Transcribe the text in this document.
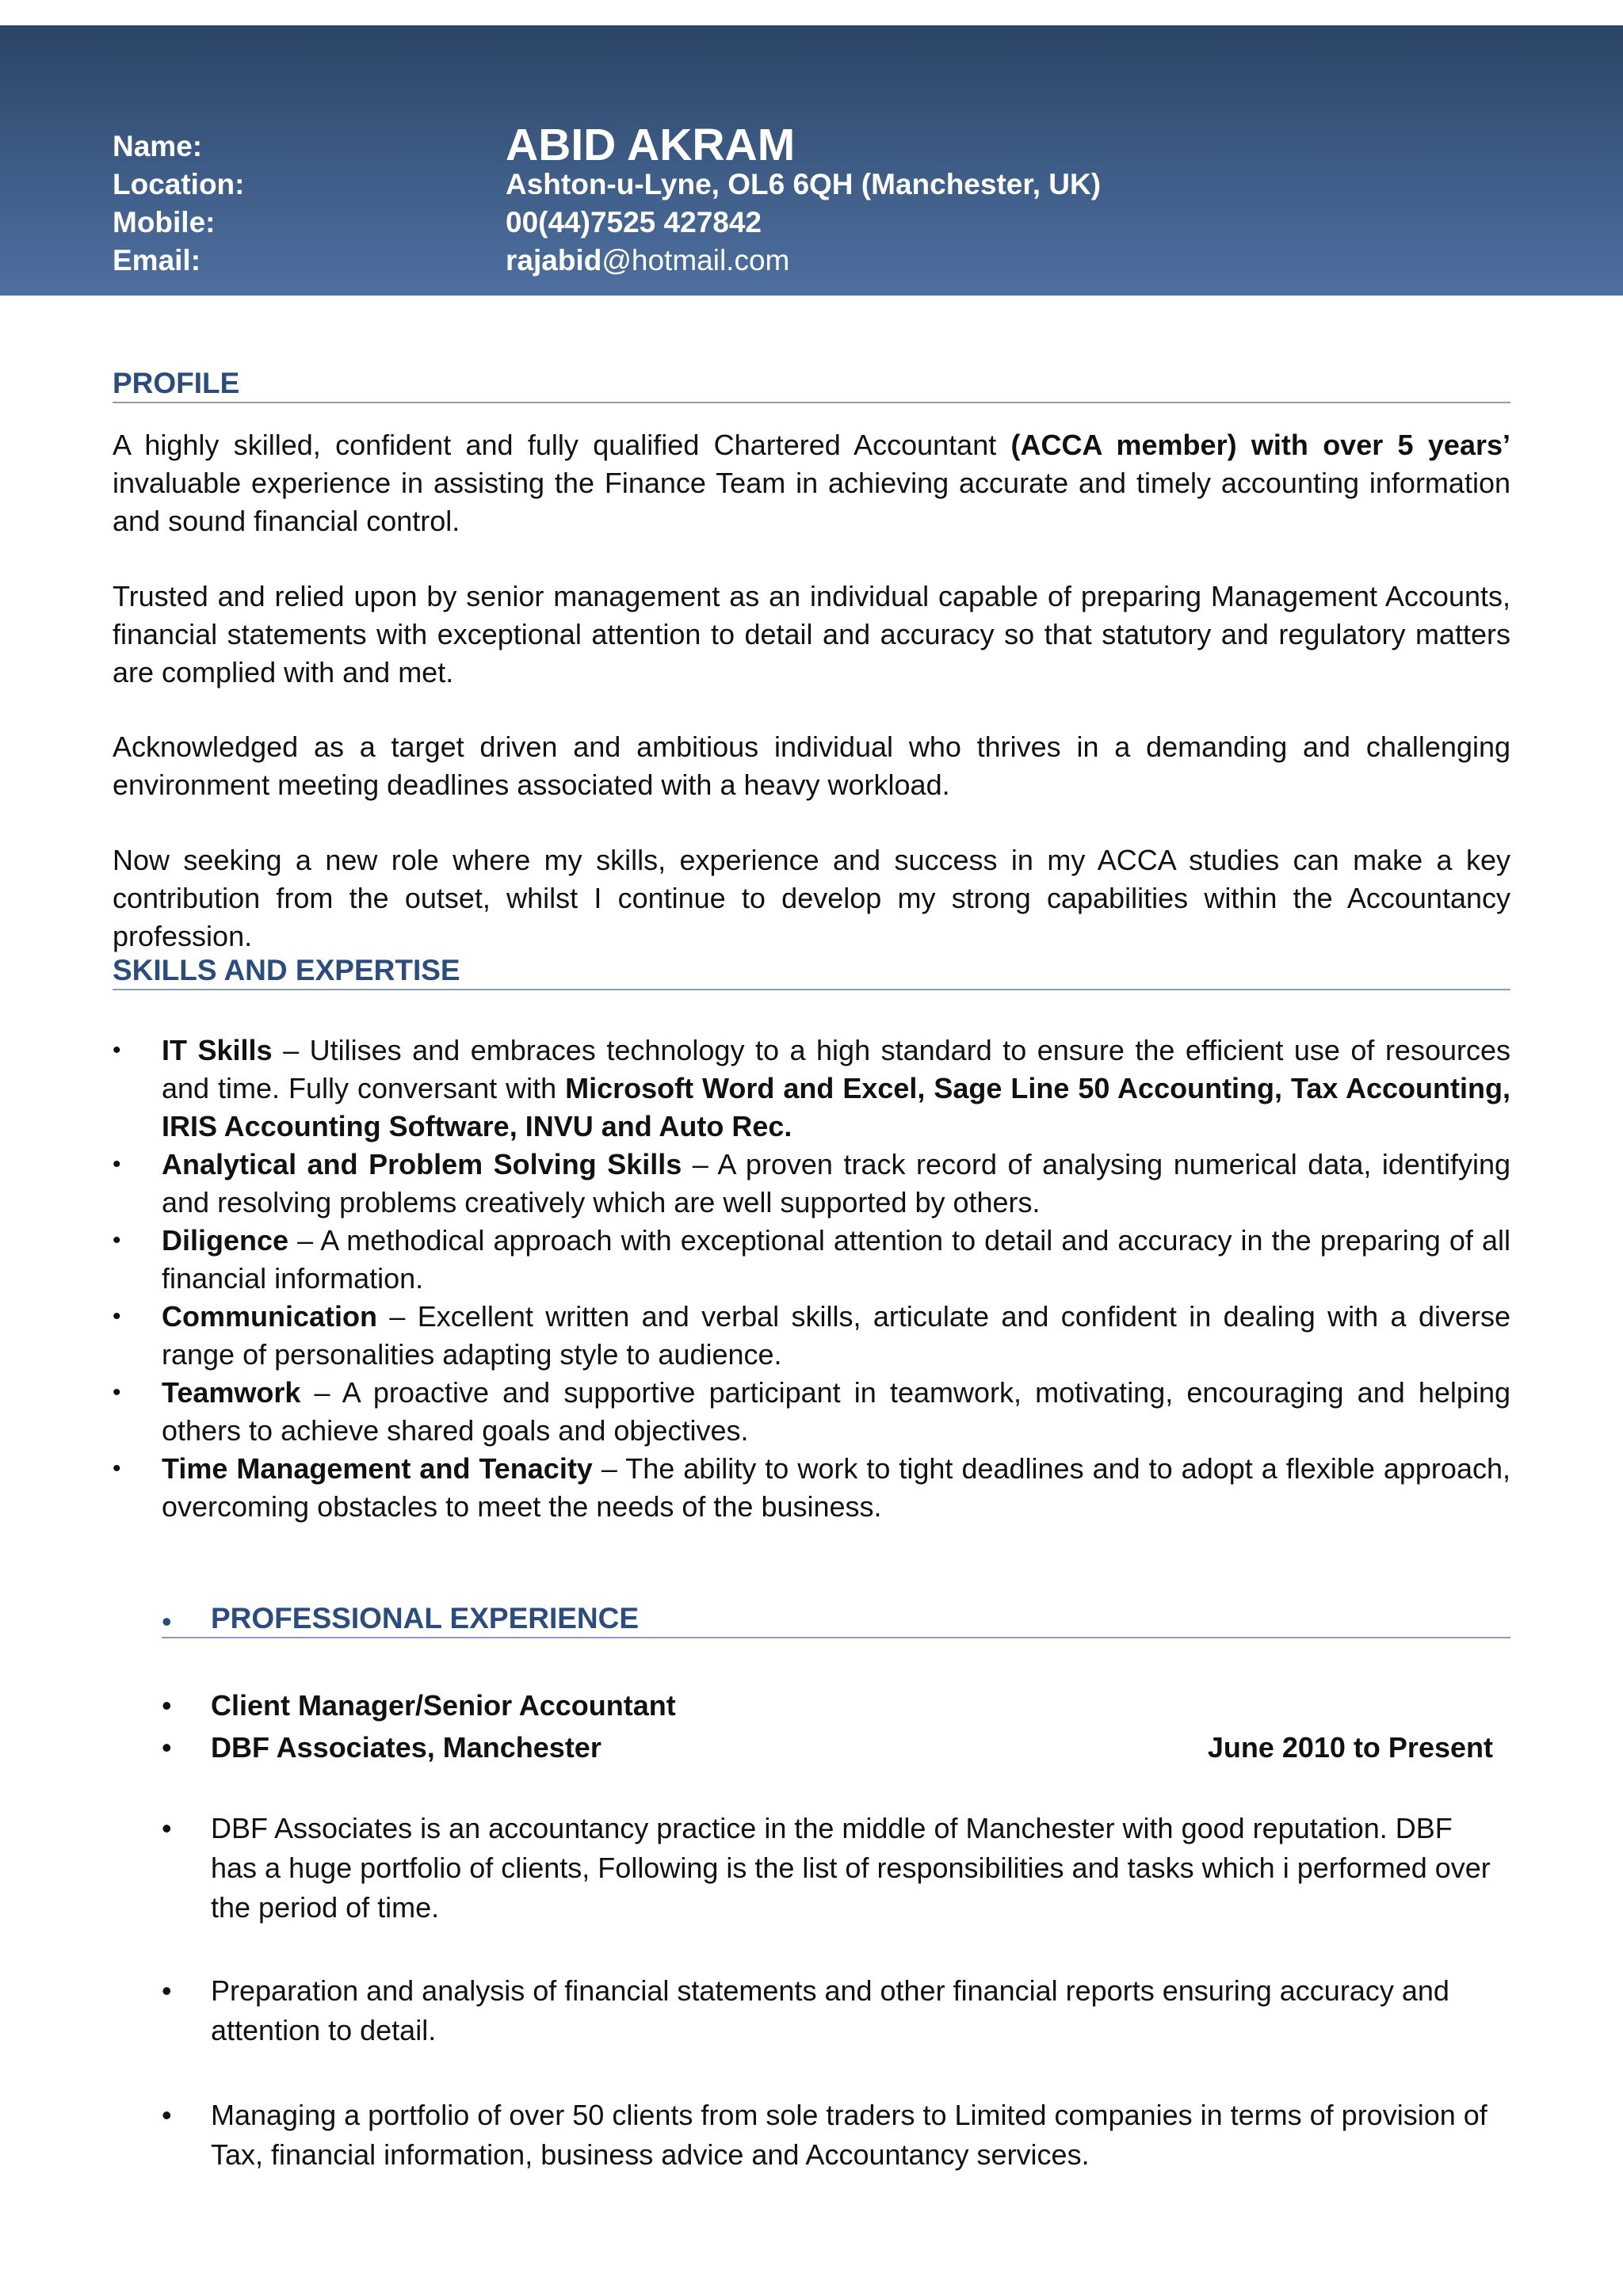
Name:	ABID AKRAM
Location:	Ashton-u-Lyne, OL6 6QH (Manchester, UK)
Mobile:	00(44)7525 427842
Email:	rajabid@hotmail.com
PROFILE

A highly skilled, confident and fully qualified Chartered Accountant (ACCA member) with over 5 years’ invaluable experience in assisting the Finance Team in achieving accurate and timely accounting information and sound financial control.

Trusted and relied upon by senior management as an individual capable of preparing Management Accounts, financial statements with exceptional attention to detail and accuracy so that statutory and regulatory matters are complied with and met.

Acknowledged as a target driven and ambitious individual who thrives in a demanding and challenging environment meeting deadlines associated with a heavy workload.

Now seeking a new role where my skills, experience and success in my ACCA studies can make a key contribution from the outset, whilst I continue to develop my strong capabilities within the Accountancy profession.

SKILLS AND EXPERTISE
• IT Skills – Utilises and embraces technology to a high standard to ensure the efficient use of resources and time. Fully conversant with Microsoft Word and Excel, Sage Line 50 Accounting, Tax Accounting, IRIS Accounting Software, INVU and Auto Rec.
• Analytical and Problem Solving Skills – A proven track record of analysing numerical data, identifying and resolving problems creatively which are well supported by others.
• Diligence – A methodical approach with exceptional attention to detail and accuracy in the preparing of all financial information.
• Communication – Excellent written and verbal skills, articulate and confident in dealing with a diverse range of personalities adapting style to audience.
• Teamwork – A proactive and supportive participant in teamwork, motivating, encouraging and helping others to achieve shared goals and objectives.
• Time Management and Tenacity – The ability to work to tight deadlines and to adopt a flexible approach, overcoming obstacles to meet the needs of the business.
•	PROFESSIONAL EXPERIENCE
• Client Manager/Senior Accountant
• DBF Associates, Manchester	June 2010 to Present
• DBF Associates is an accountancy practice in the middle of Manchester with good reputation. DBF has a huge portfolio of clients, Following is the list of responsibilities and tasks which i performed over the period of time.
• Preparation and analysis of financial statements and other financial reports ensuring accuracy and attention to detail.
• Managing a portfolio of over 50 clients from sole traders to Limited companies in terms of provision of Tax, financial information, business advice and Accountancy services.
